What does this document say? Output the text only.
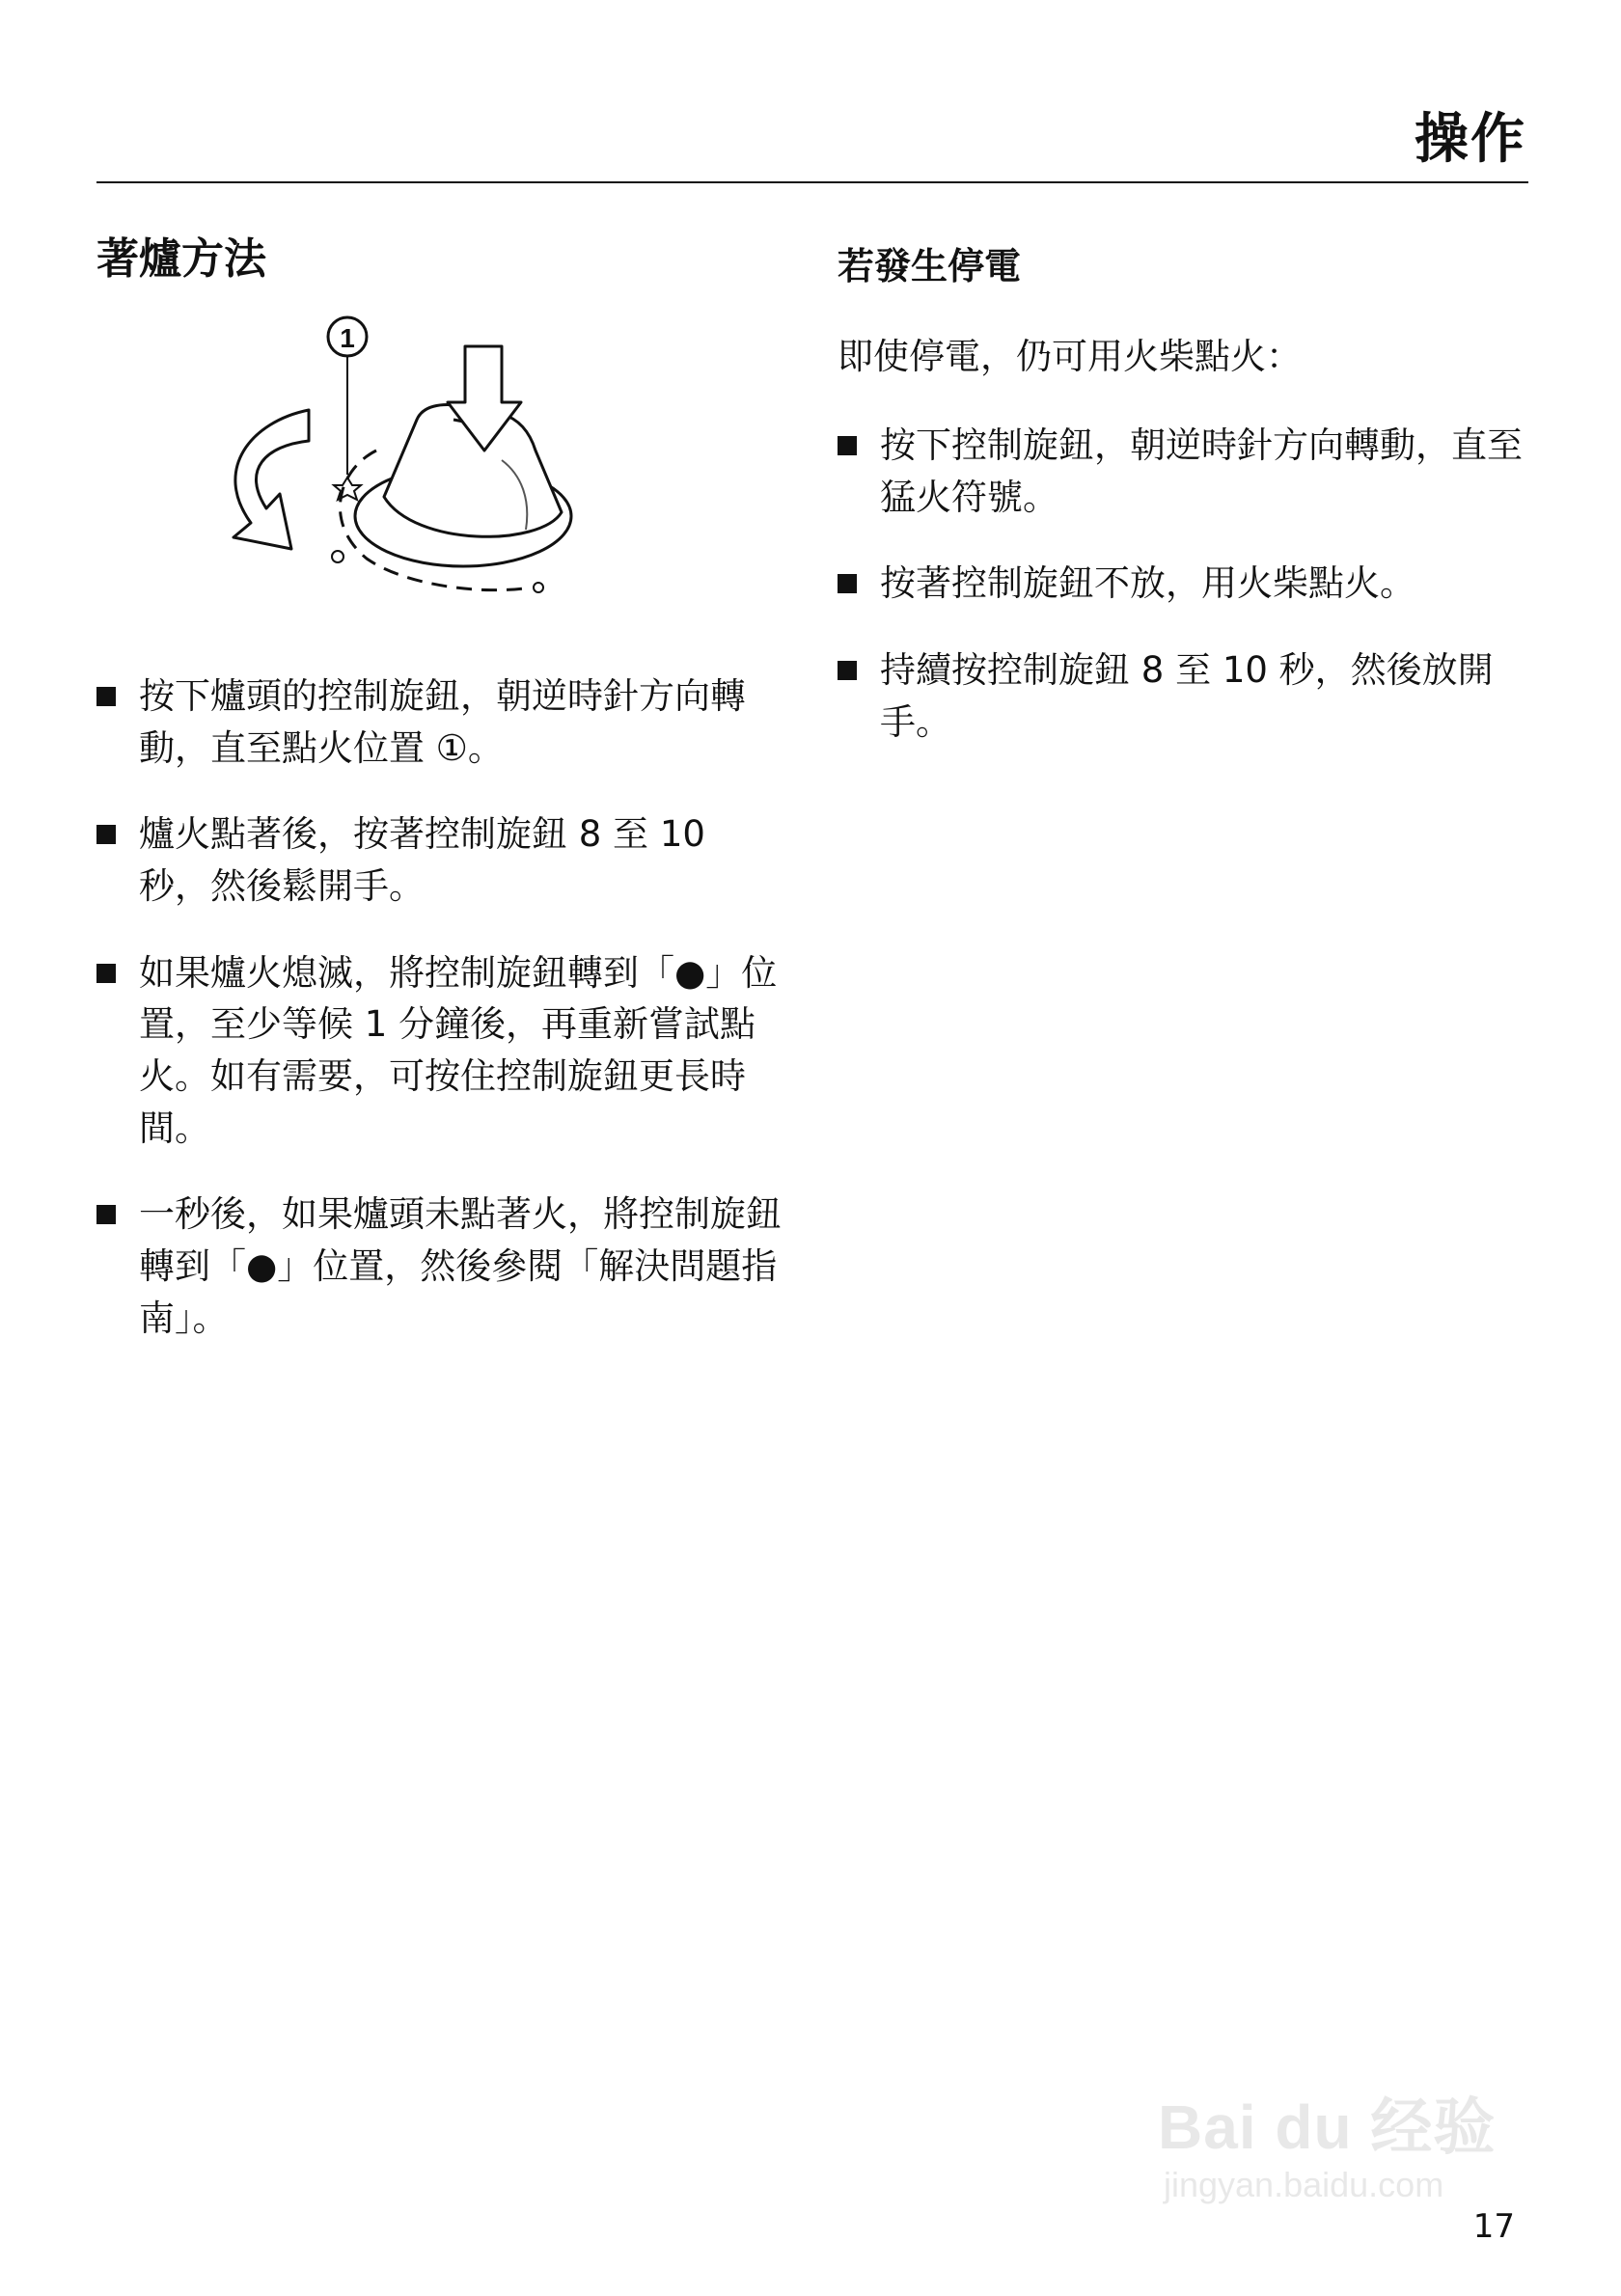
操作
著爐方法
1
按下爐頭的控制旋鈕，朝逆時針方向轉動，直至點火位置 ①。
爐火點著後，按著控制旋鈕 8 至 10 秒，然後鬆開手。
如果爐火熄滅，將控制旋鈕轉到「●」位置，至少等候 1 分鐘後，再重新嘗試點火。如有需要，可按住控制旋鈕更長時間。
一秒後，如果爐頭未點著火，將控制旋鈕轉到「●」位置，然後參閱「解決問題指南」。
若發生停電

即使停電，仍可用火柴點火：

按下控制旋鈕，朝逆時針方向轉動，直至猛火符號。
按著控制旋鈕不放，用火柴點火。
持續按控制旋鈕 8 至 10 秒，然後放開手。
Bai du 经验
jingyan.baidu.com
17
